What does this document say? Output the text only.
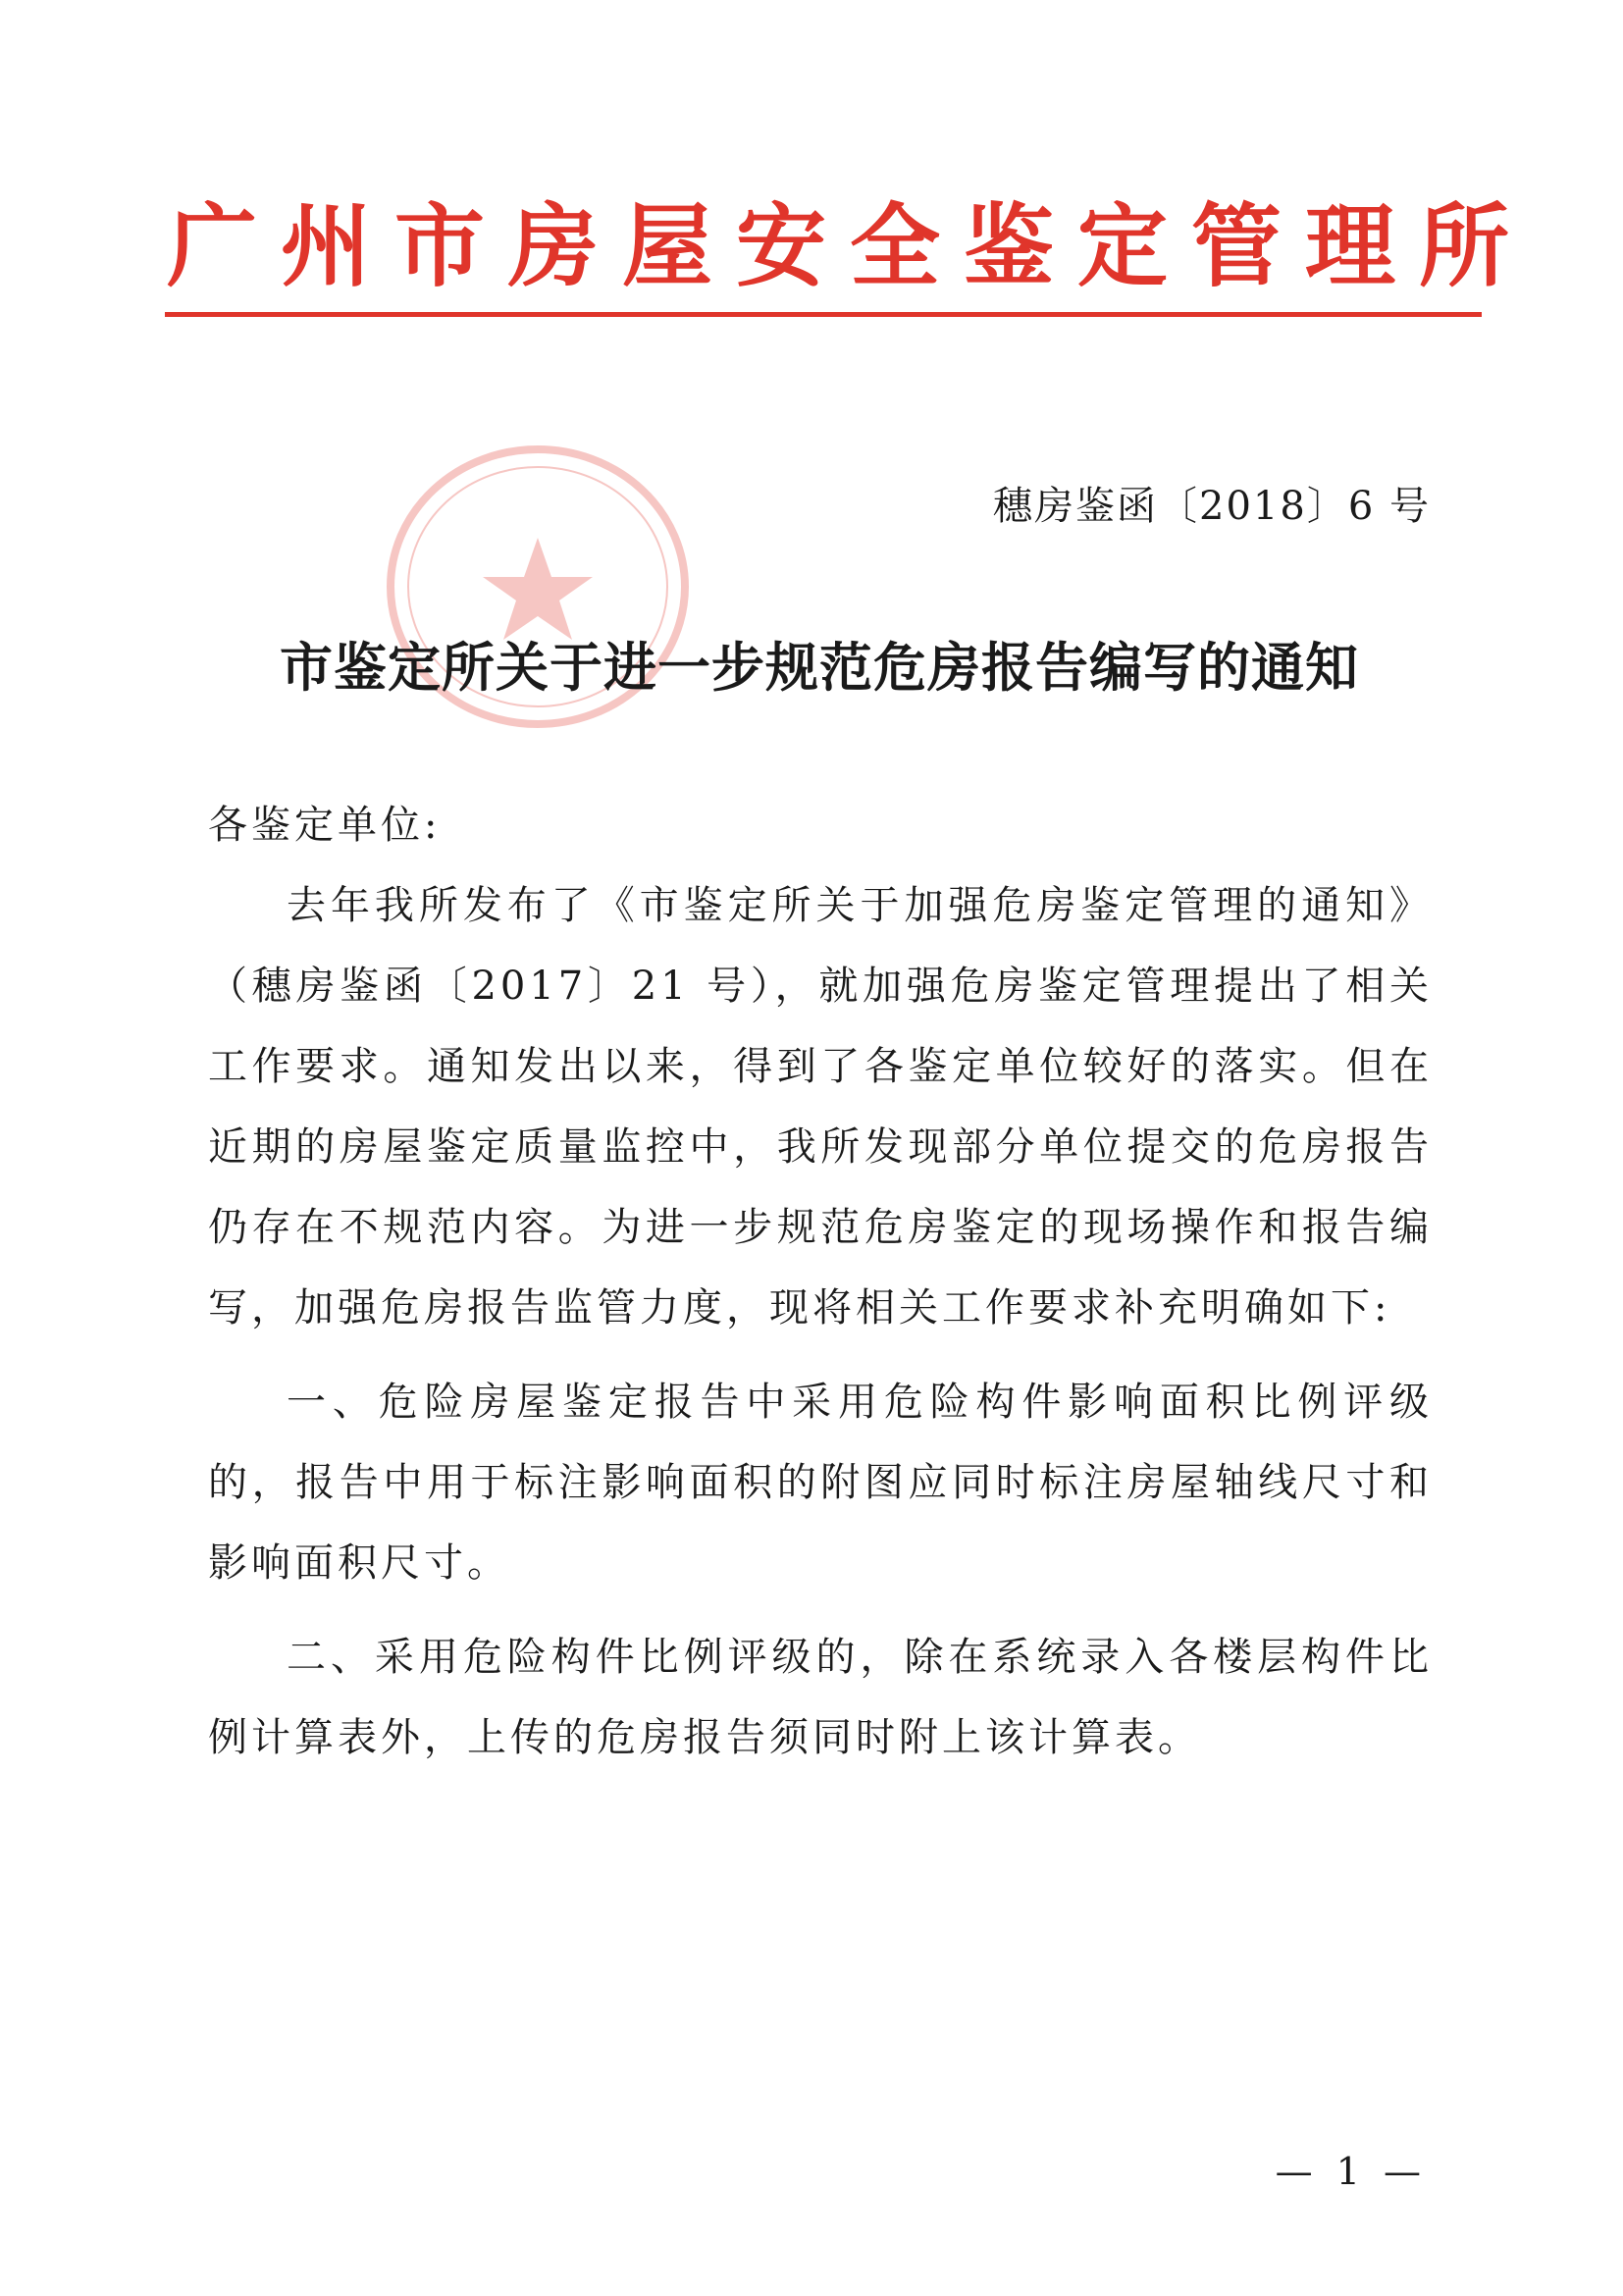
广州市房屋安全鉴定管理所
穗房鉴函〔2018〕6 号
市鉴定所关于进一步规范危房报告编写的通知

各鉴定单位:

去年我所发布了《市鉴定所关于加强危房鉴定管理的通知》（穗房鉴函〔2017〕21 号），就加强危房鉴定管理提出了相关工作要求。通知发出以来，得到了各鉴定单位较好的落实。但在近期的房屋鉴定质量监控中，我所发现部分单位提交的危房报告仍存在不规范内容。为进一步规范危房鉴定的现场操作和报告编写，加强危房报告监管力度，现将相关工作要求补充明确如下:

一、危险房屋鉴定报告中采用危险构件影响面积比例评级的，报告中用于标注影响面积的附图应同时标注房屋轴线尺寸和影响面积尺寸。

二、采用危险构件比例评级的，除在系统录入各楼层构件比例计算表外，上传的危房报告须同时附上该计算表。

— 1 —
